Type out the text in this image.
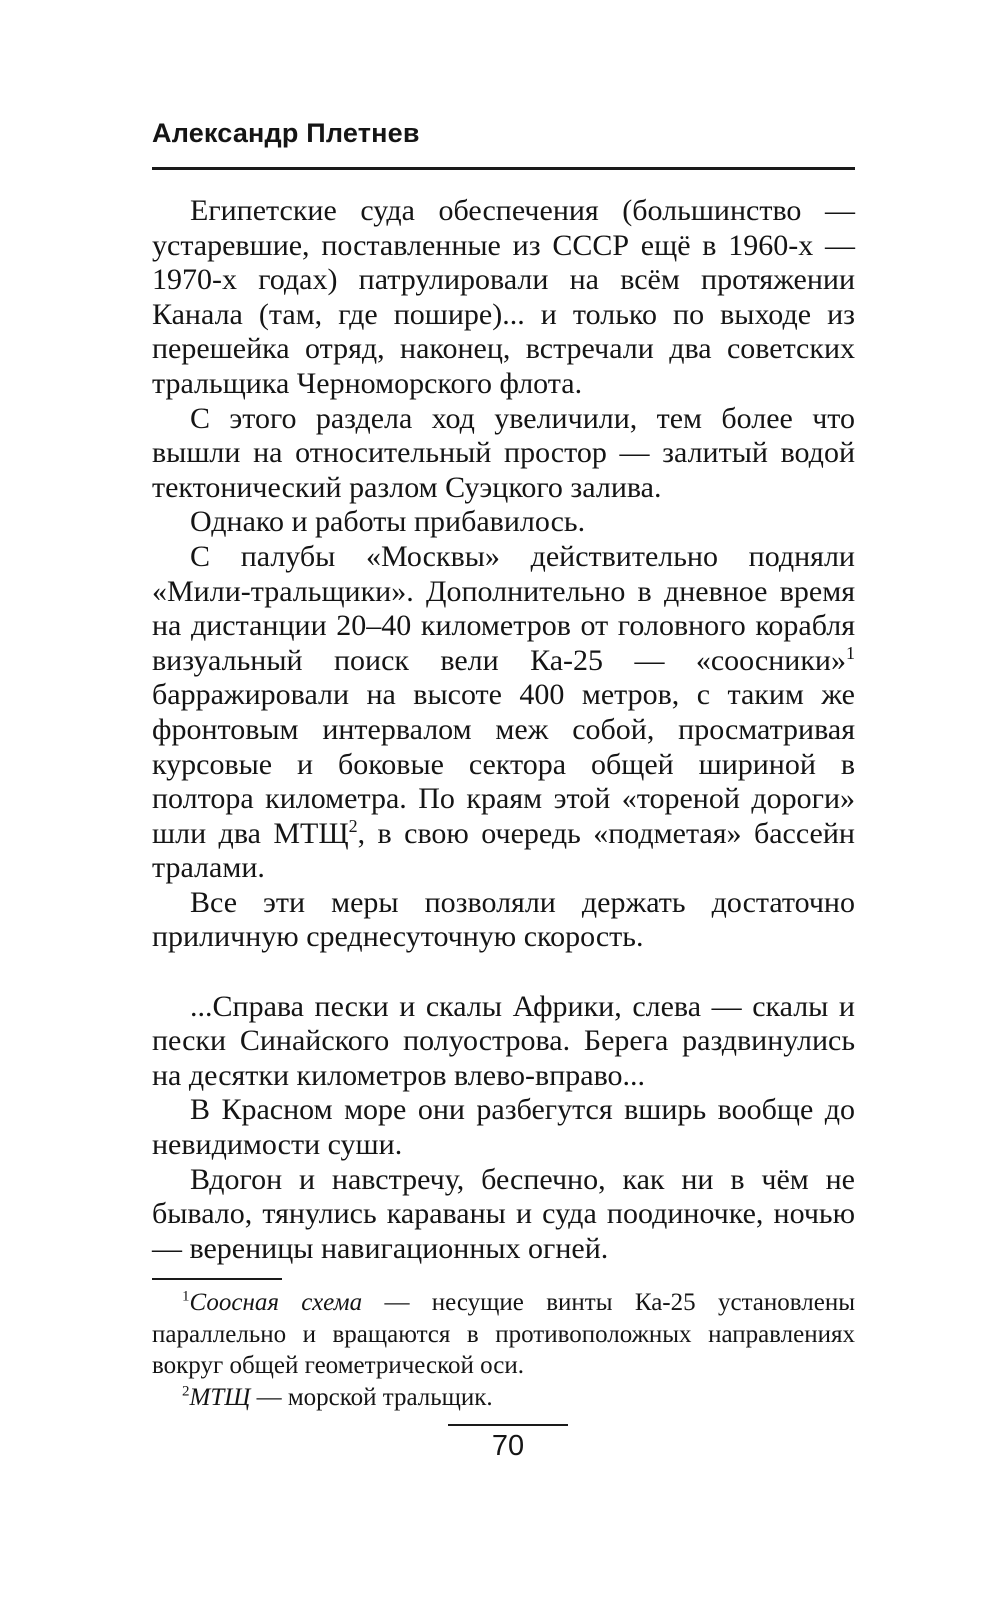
Александр Плетнев

Египетские суда обеспечения (большинство — устаревшие, поставленные из СССР ещё в 1960-х — 1970-х годах) патрулировали на всём протяжении Канала (там, где пошире)... и только по выходе из перешейка отряд, наконец, встречали два советских тральщика Черноморского флота.

С этого раздела ход увеличили, тем более что вышли на относительный простор — залитый водой тектонический разлом Суэцкого залива.

Однако и работы прибавилось.

С палубы «Москвы» действительно подняли «Мили-тральщики». Дополнительно в дневное время на дистанции 20–40 километров от головного корабля визуальный поиск вели Ка-25 — «соосники»$^1$ барражировали на высоте 400 метров, с таким же фронтовым интервалом меж собой, просматривая курсовые и боковые сектора общей шириной в полтора километра. По краям этой «тореной дороги» шли два МТЩ$^2$, в свою очередь «подметая» бассейн тралами.

Все эти меры позволяли держать достаточно приличную среднесуточную скорость.

...Справа пески и скалы Африки, слева — скалы и пески Синайского полуострова. Берега раздвинулись на десятки километров влево-вправо...

В Красном море они разбегутся вширь вообще до невидимости суши.

Вдогон и навстречу, беспечно, как ни в чём не бывало, тянулись караваны и суда поодиночке, ночью — вереницы навигационных огней.

$^1$Соосная схема — несущие винты Ка-25 установлены параллельно и вращаются в противоположных направлениях вокруг общей геометрической оси.

$^2$МТЩ — морской тральщик.

70
